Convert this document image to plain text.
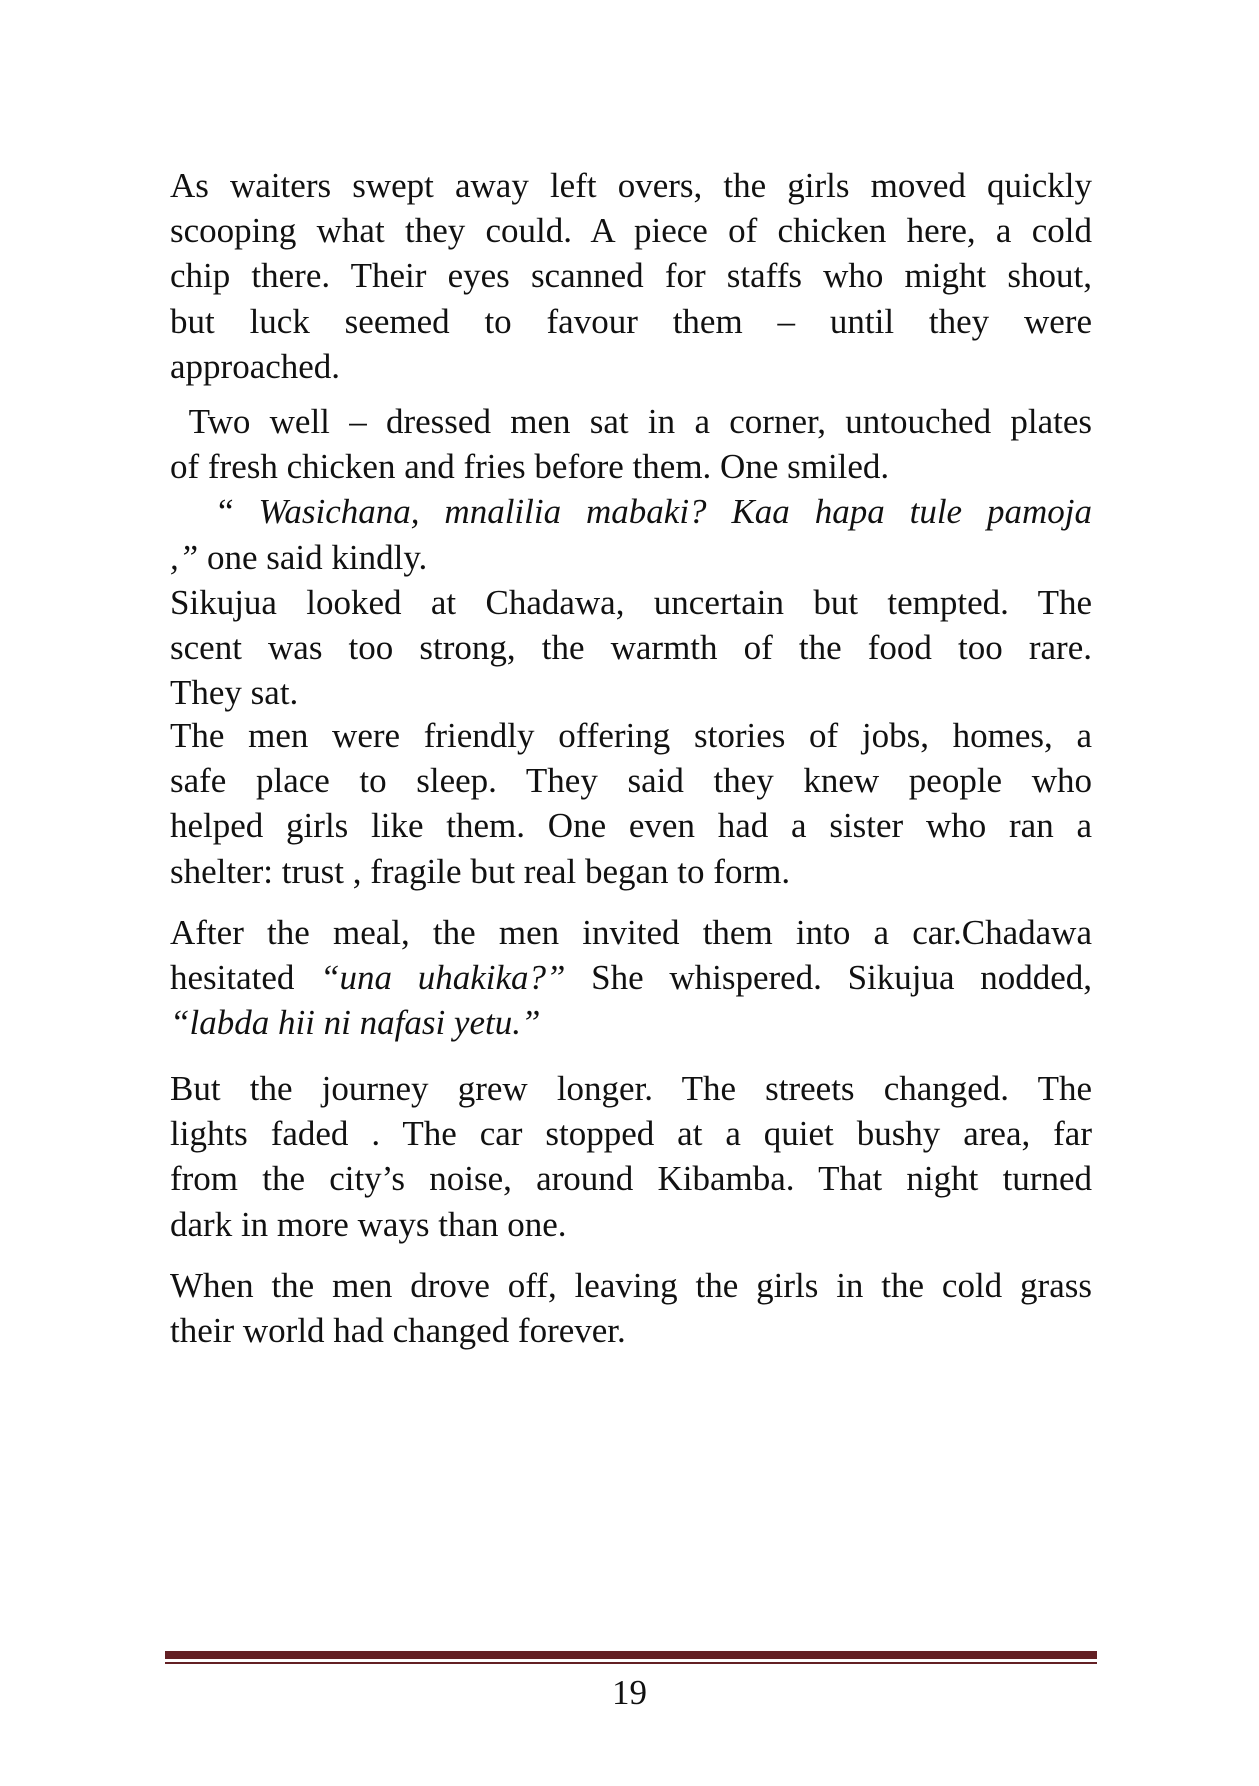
As waiters swept away left overs, the girls moved quickly
scooping what they could. A piece of chicken here, a cold
chip there. Their eyes scanned for staffs who might shout,
but luck seemed to favour them – until they were
approached.
Two well – dressed men sat in a corner, untouched plates
of fresh chicken and fries before them. One smiled.
“ Wasichana, mnalilia mabaki? Kaa hapa tule pamoja
,” one said kindly.
Sikujua looked at Chadawa, uncertain but tempted. The
scent was too strong, the warmth of the food too rare.
They sat.
The men were friendly offering stories of jobs, homes, a
safe place to sleep. They said they knew people who
helped girls like them. One even had a sister who ran a
shelter: trust , fragile but real began to form.
After the meal, the men invited them into a car.Chadawa
hesitated “una uhakika?” She whispered. Sikujua nodded,
“labda hii ni nafasi yetu.”
But the journey grew longer. The streets changed. The
lights faded . The car stopped at a quiet bushy area, far
from the city’s noise, around Kibamba. That night turned
dark in more ways than one.
When the men drove off, leaving the girls in the cold grass
their world had changed forever.
19
